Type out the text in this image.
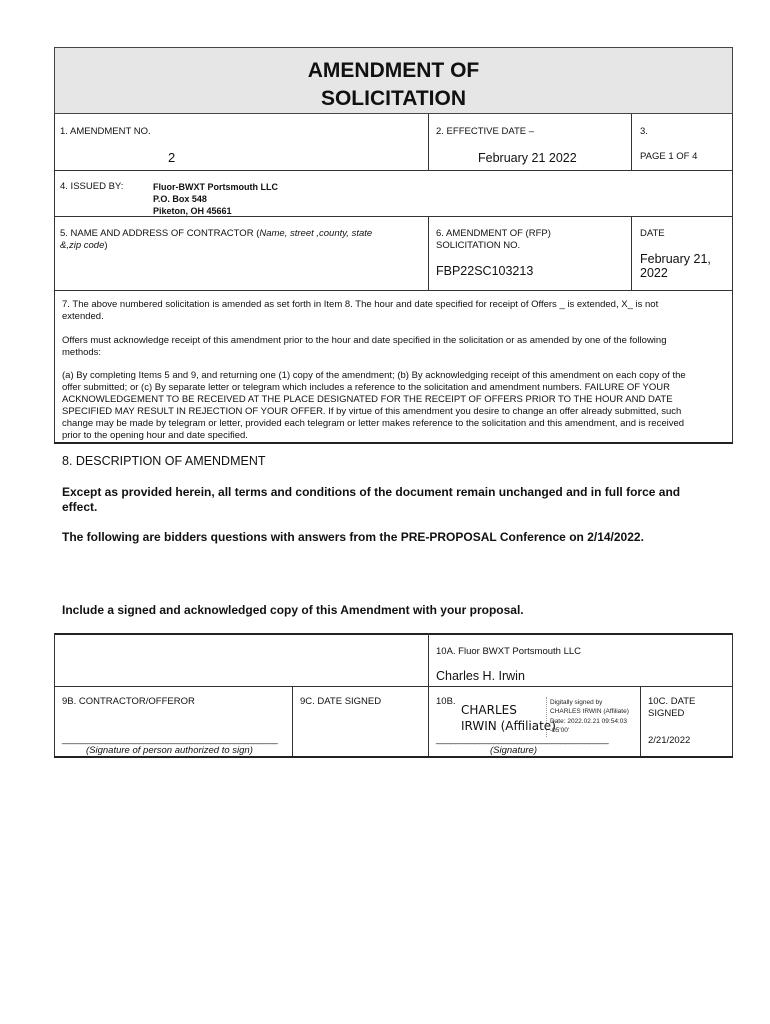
AMENDMENT OF
SOLICITATION
1. AMENDMENT NO.
2
2. EFFECTIVE DATE –
February 21 2022
3.
PAGE 1 OF 4
4. ISSUED BY:	Fluor-BWXT Portsmouth LLC
P.O. Box 548
Piketon, OH 45661
5. NAME AND ADDRESS OF CONTRACTOR (Name, street ,county, state
&,zip code)
6. AMENDMENT OF (RFP)
SOLICITATION NO.
FBP22SC103213
DATE
February 21,
2022
7. The above numbered solicitation is amended as set forth in Item 8. The hour and date specified for receipt of Offers _ is extended, X_ is not
extended.
Offers must acknowledge receipt of this amendment prior to the hour and date specified in the solicitation or as amended by one of the following
methods:
(a) By completing Items 5 and 9, and returning one (1) copy of the amendment; (b) By acknowledging receipt of this amendment on each copy of the
offer submitted; or (c) By separate letter or telegram which includes a reference to the solicitation and amendment numbers. FAILURE OF YOUR
ACKNOWLEDGEMENT TO BE RECEIVED AT THE PLACE DESIGNATED FOR THE RECEIPT OF OFFERS PRIOR TO THE HOUR AND DATE
SPECIFIED MAY RESULT IN REJECTION OF YOUR OFFER. If by virtue of this amendment you desire to change an offer already submitted, such
change may be made by telegram or letter, provided each telegram or letter makes reference to the solicitation and this amendment, and is received
prior to the opening hour and date specified.
8. DESCRIPTION OF AMENDMENT
Except as provided herein, all terms and conditions of the document remain unchanged and in full force and
effect.
The following are bidders questions with answers from the PRE-PROPOSAL Conference on 2/14/2022.
Include a signed and acknowledged copy of this Amendment with your proposal.
10A. Fluor BWXT Portsmouth LLC
Charles H. Irwin
9B. CONTRACTOR/OFFEROR
_____________________________________________
(Signature of person authorized to sign)
9C. DATE SIGNED	10B.
CHARLES
IRWIN (Affiliate)
Digitally signed by
CHARLES IRWIN (Affiliate)
Date: 2022.02.21 09:54:03
-05'00'
____________________________________
(Signature)
10C. DATE
SIGNED
2/21/2022
